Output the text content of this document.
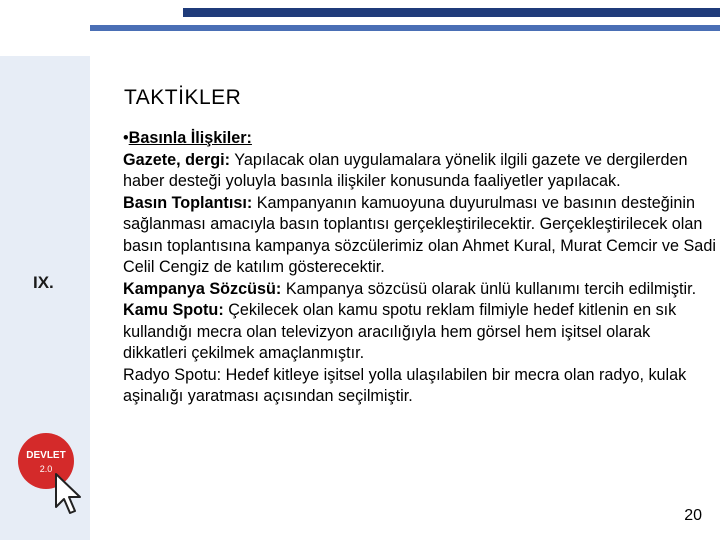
IX.
DEVLET
2.0
TAKTİKLER

•Basınla İlişkiler:

Gazete, dergi: Yapılacak olan uygulamalara yönelik ilgili gazete ve dergilerden haber desteği yoluyla basınla ilişkiler konusunda faaliyetler yapılacak.

Basın Toplantısı: Kampanyanın kamuoyuna duyurulması ve basının desteğinin sağlanması amacıyla basın toplantısı gerçekleştirilecektir. Gerçekleştirilecek olan basın toplantısına kampanya sözcülerimiz olan Ahmet Kural, Murat Cemcir ve Sadi Celil Cengiz de katılım gösterecektir.

Kampanya Sözcüsü: Kampanya sözcüsü olarak ünlü kullanımı tercih edilmiştir.

Kamu Spotu: Çekilecek olan kamu spotu reklam filmiyle hedef kitlenin en sık kullandığı mecra olan televizyon aracılığıyla hem görsel hem işitsel olarak dikkatleri çekilmek amaçlanmıştır.

Radyo Spotu: Hedef kitleye işitsel yolla ulaşılabilen bir mecra olan radyo, kulak aşinalığı yaratması açısından seçilmiştir.

20
